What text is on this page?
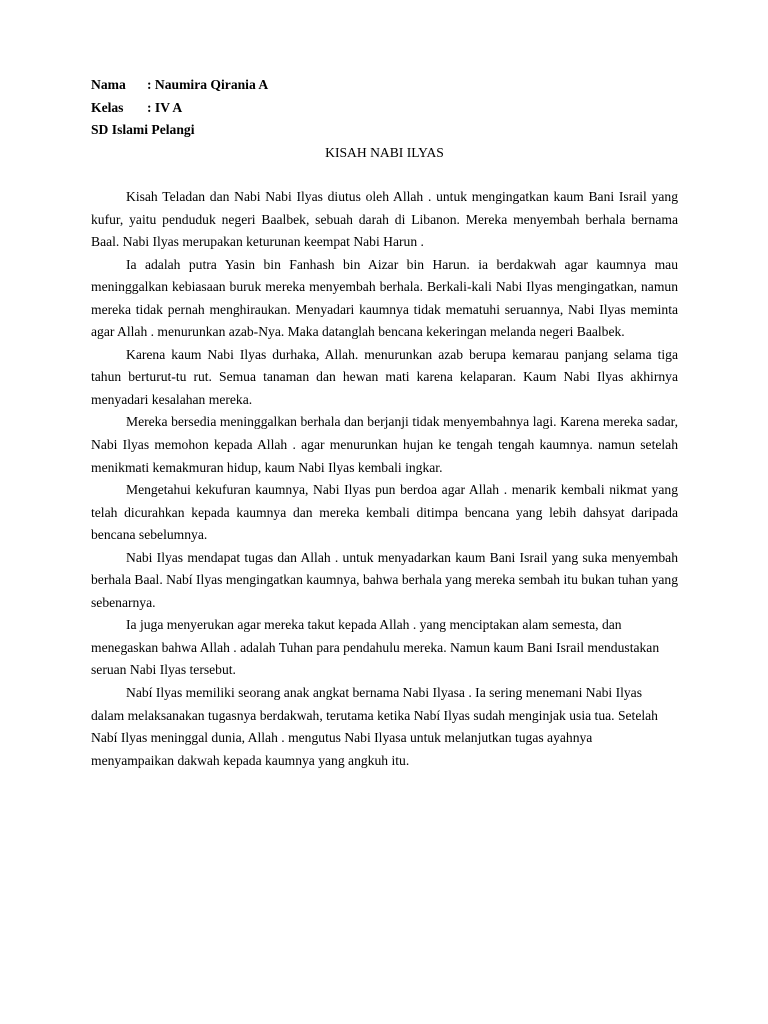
Nama : Naumira Qirania A
Kelas : IV A
SD Islami Pelangi
KISAH NABI ILYAS

Kisah Teladan dan Nabi Nabi Ilyas diutus oleh Allah . untuk mengingatkan kaum Bani Israil yang kufur, yaitu penduduk negeri Baalbek, sebuah darah di Libanon. Mereka menyembah berhala bernama Baal. Nabi Ilyas merupakan keturunan keempat Nabi Harun .

Ia adalah putra Yasin bin Fanhash bin Aizar bin Harun. ia berdakwah agar kaumnya mau meninggalkan kebiasaan buruk mereka menyembah berhala. Berkali-kali Nabi Ilyas mengingatkan, namun mereka tidak pernah menghiraukan. Menyadari kaumnya tidak mematuhi seruannya, Nabi Ilyas meminta agar Allah . menurunkan azab-Nya. Maka datanglah bencana kekeringan melanda negeri Baalbek.

Karena kaum Nabi Ilyas durhaka, Allah. menurunkan azab berupa kemarau panjang selama tiga tahun berturut-tu rut. Semua tanaman dan hewan mati karena kelaparan. Kaum Nabi Ilyas akhirnya menyadari kesalahan mereka.

Mereka bersedia meninggalkan berhala dan berjanji tidak menyembahnya lagi. Karena mereka sadar, Nabi Ilyas memohon kepada Allah . agar menurunkan hujan ke tengah tengah kaumnya. namun setelah menikmati kemakmuran hidup, kaum Nabi Ilyas kembali ingkar.

Mengetahui kekufuran kaumnya, Nabi Ilyas pun berdoa agar Allah . menarik kembali nikmat yang telah dicurahkan kepada kaumnya dan mereka kembali ditimpa bencana yang lebih dahsyat daripada bencana sebelumnya.

Nabi Ilyas mendapat tugas dan Allah . untuk menyadarkan kaum Bani Israil yang suka menyembah berhala Baal. Nabí Ilyas mengingatkan kaumnya, bahwa berhala yang mereka sembah itu bukan tuhan yang sebenarnya.

Ia juga menyerukan agar mereka takut kepada Allah . yang menciptakan alam semesta, dan menegaskan bahwa Allah . adalah Tuhan para pendahulu mereka. Namun kaum Bani Israil mendustakan seruan Nabi Ilyas tersebut.

Nabí Ilyas memiliki seorang anak angkat bernama Nabi Ilyasa . Ia sering menemani Nabi Ilyas dalam melaksanakan tugasnya berdakwah, terutama ketika Nabí Ilyas sudah menginjak usia tua. Setelah Nabí Ilyas meninggal dunia, Allah . mengutus Nabi Ilyasa untuk melanjutkan tugas ayahnya menyampaikan dakwah kepada kaumnya yang angkuh itu.
